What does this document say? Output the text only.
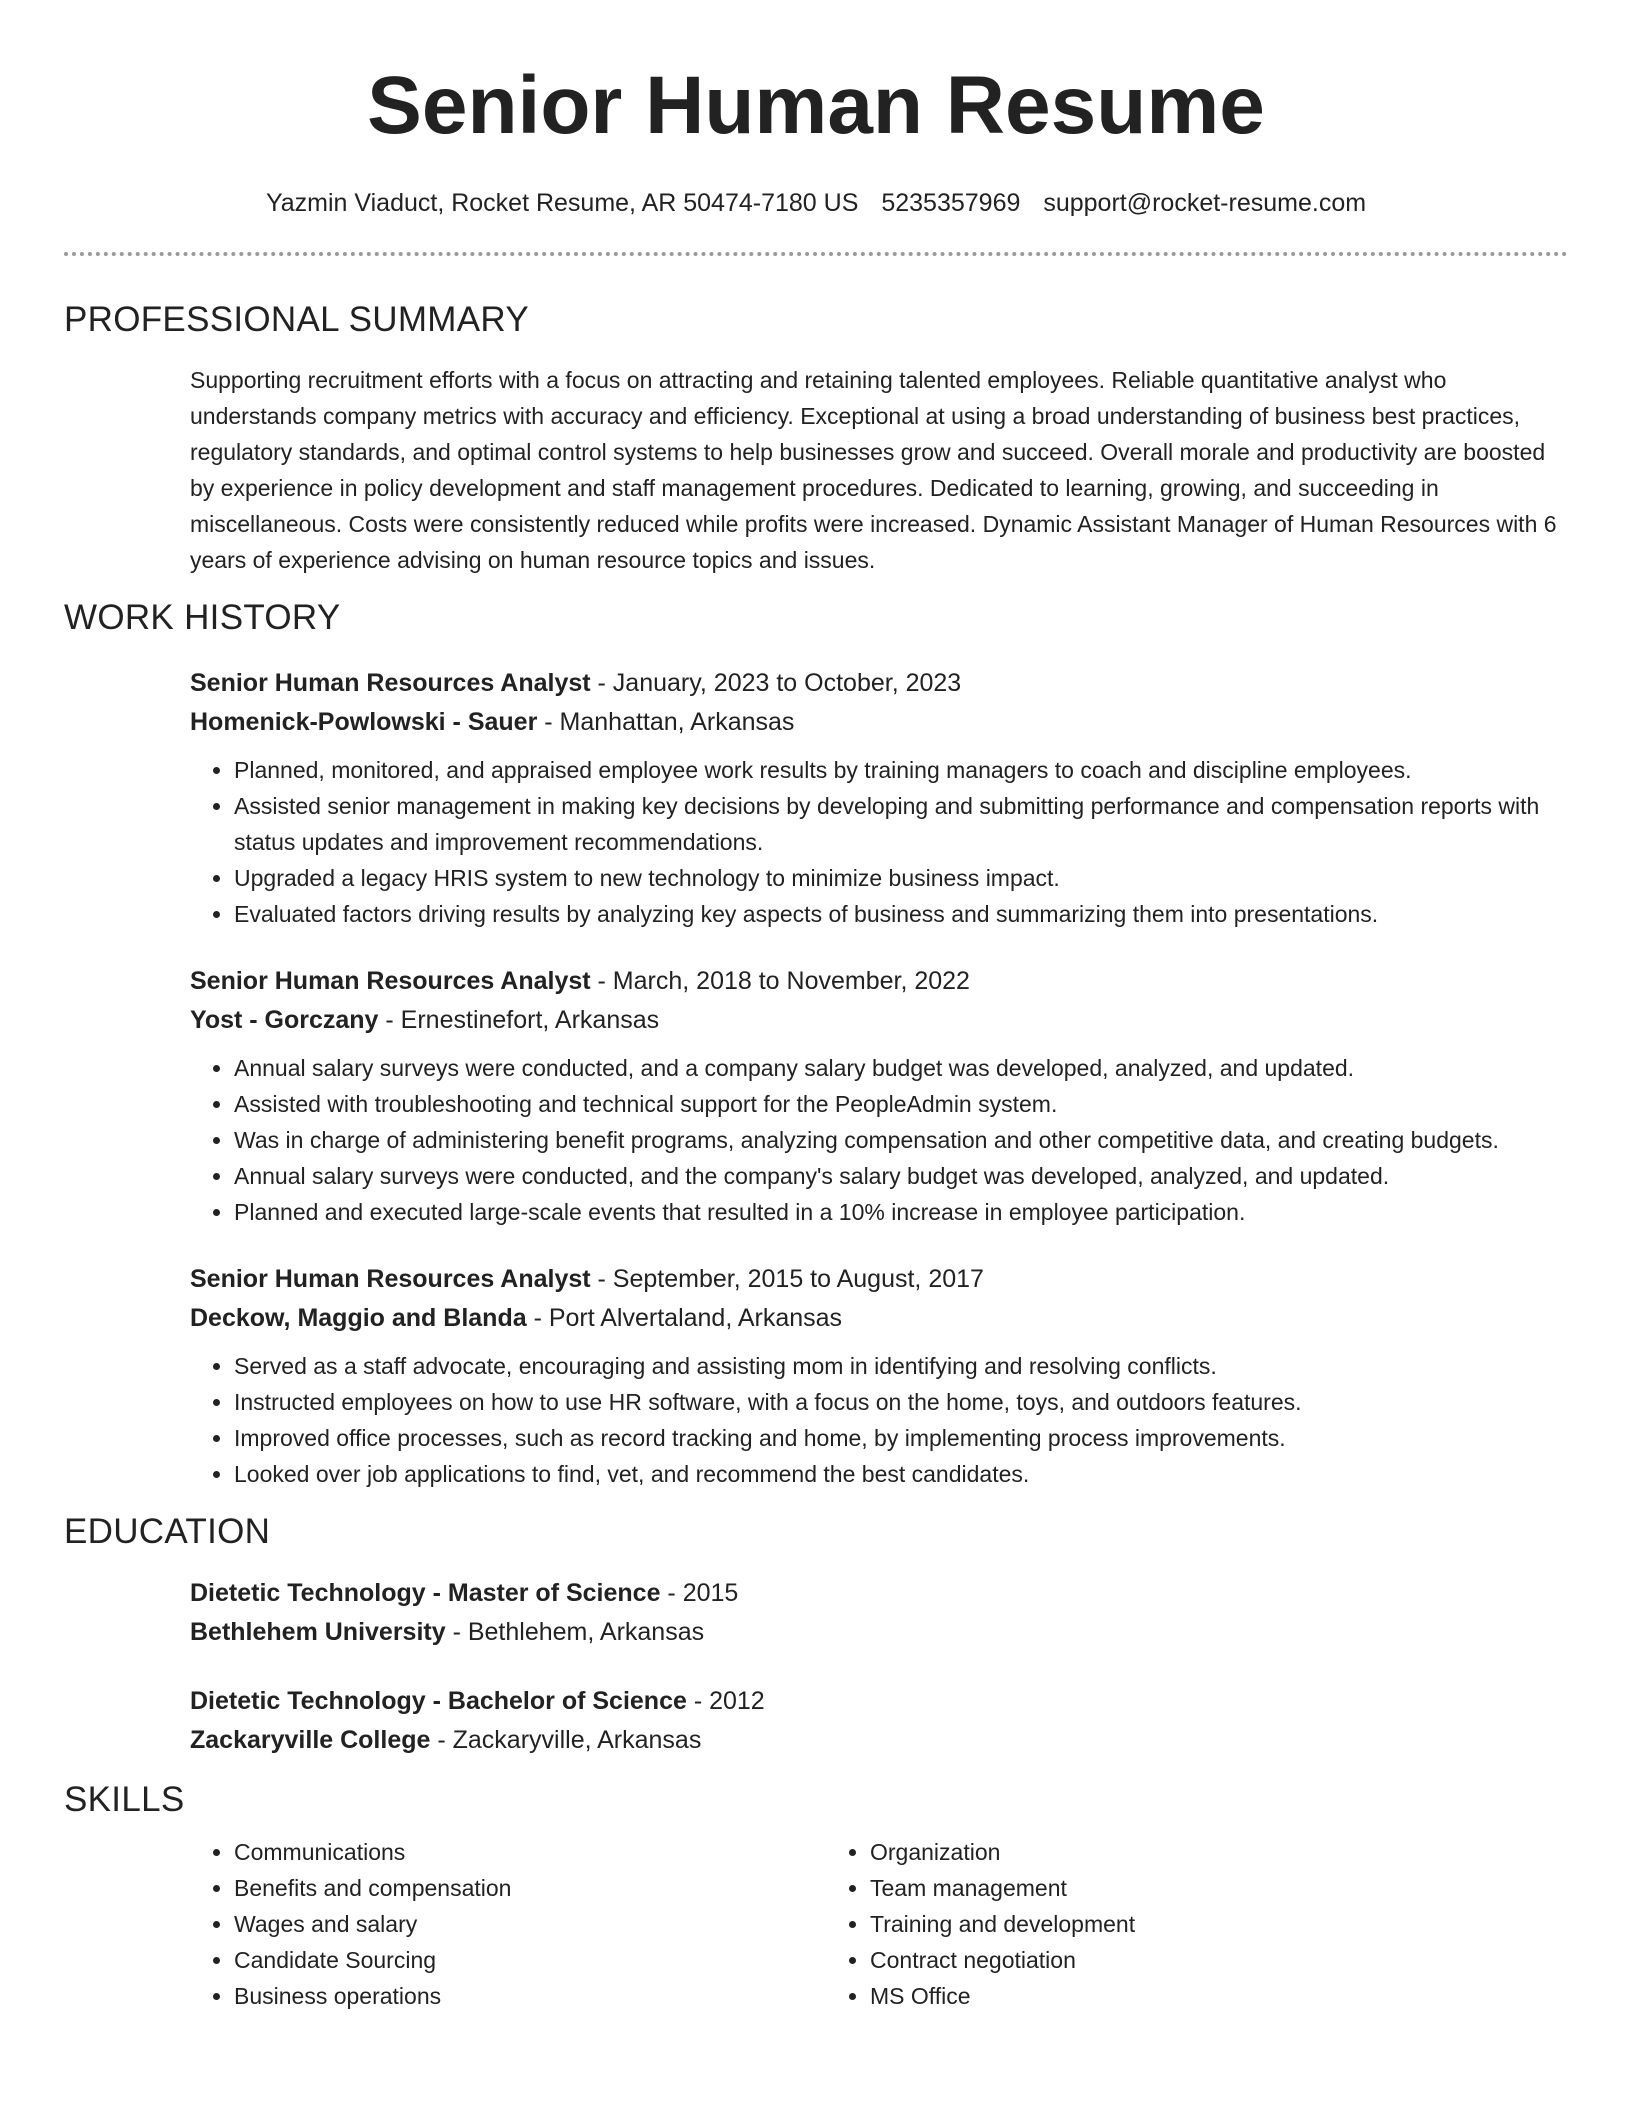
Senior Human Resume
Yazmin Viaduct, Rocket Resume, AR 50474-7180 US 5235357969 support@rocket-resume.com
PROFESSIONAL SUMMARY
Supporting recruitment efforts with a focus on attracting and retaining talented employees. Reliable quantitative analyst who understands company metrics with accuracy and efficiency. Exceptional at using a broad understanding of business best practices, regulatory standards, and optimal control systems to help businesses grow and succeed. Overall morale and productivity are boosted by experience in policy development and staff management procedures. Dedicated to learning, growing, and succeeding in miscellaneous. Costs were consistently reduced while profits were increased. Dynamic Assistant Manager of Human Resources with 6 years of experience advising on human resource topics and issues.
WORK HISTORY
Senior Human Resources Analyst - January, 2023 to October, 2023
Homenick-Powlowski - Sauer - Manhattan, Arkansas
• Planned, monitored, and appraised employee work results by training managers to coach and discipline employees.
• Assisted senior management in making key decisions by developing and submitting performance and compensation reports with status updates and improvement recommendations.
• Upgraded a legacy HRIS system to new technology to minimize business impact.
• Evaluated factors driving results by analyzing key aspects of business and summarizing them into presentations.
Senior Human Resources Analyst - March, 2018 to November, 2022
Yost - Gorczany - Ernestinefort, Arkansas
• Annual salary surveys were conducted, and a company salary budget was developed, analyzed, and updated.
• Assisted with troubleshooting and technical support for the PeopleAdmin system.
• Was in charge of administering benefit programs, analyzing compensation and other competitive data, and creating budgets.
• Annual salary surveys were conducted, and the company's salary budget was developed, analyzed, and updated.
• Planned and executed large-scale events that resulted in a 10% increase in employee participation.
Senior Human Resources Analyst - September, 2015 to August, 2017
Deckow, Maggio and Blanda - Port Alvertaland, Arkansas
• Served as a staff advocate, encouraging and assisting mom in identifying and resolving conflicts.
• Instructed employees on how to use HR software, with a focus on the home, toys, and outdoors features.
• Improved office processes, such as record tracking and home, by implementing process improvements.
• Looked over job applications to find, vet, and recommend the best candidates.
EDUCATION
Dietetic Technology - Master of Science - 2015
Bethlehem University - Bethlehem, Arkansas
Dietetic Technology - Bachelor of Science - 2012
Zackaryville College - Zackaryville, Arkansas
SKILLS
• Communications
• Benefits and compensation
• Wages and salary
• Candidate Sourcing
• Business operations
• Organization
• Team management
• Training and development
• Contract negotiation
• MS Office
